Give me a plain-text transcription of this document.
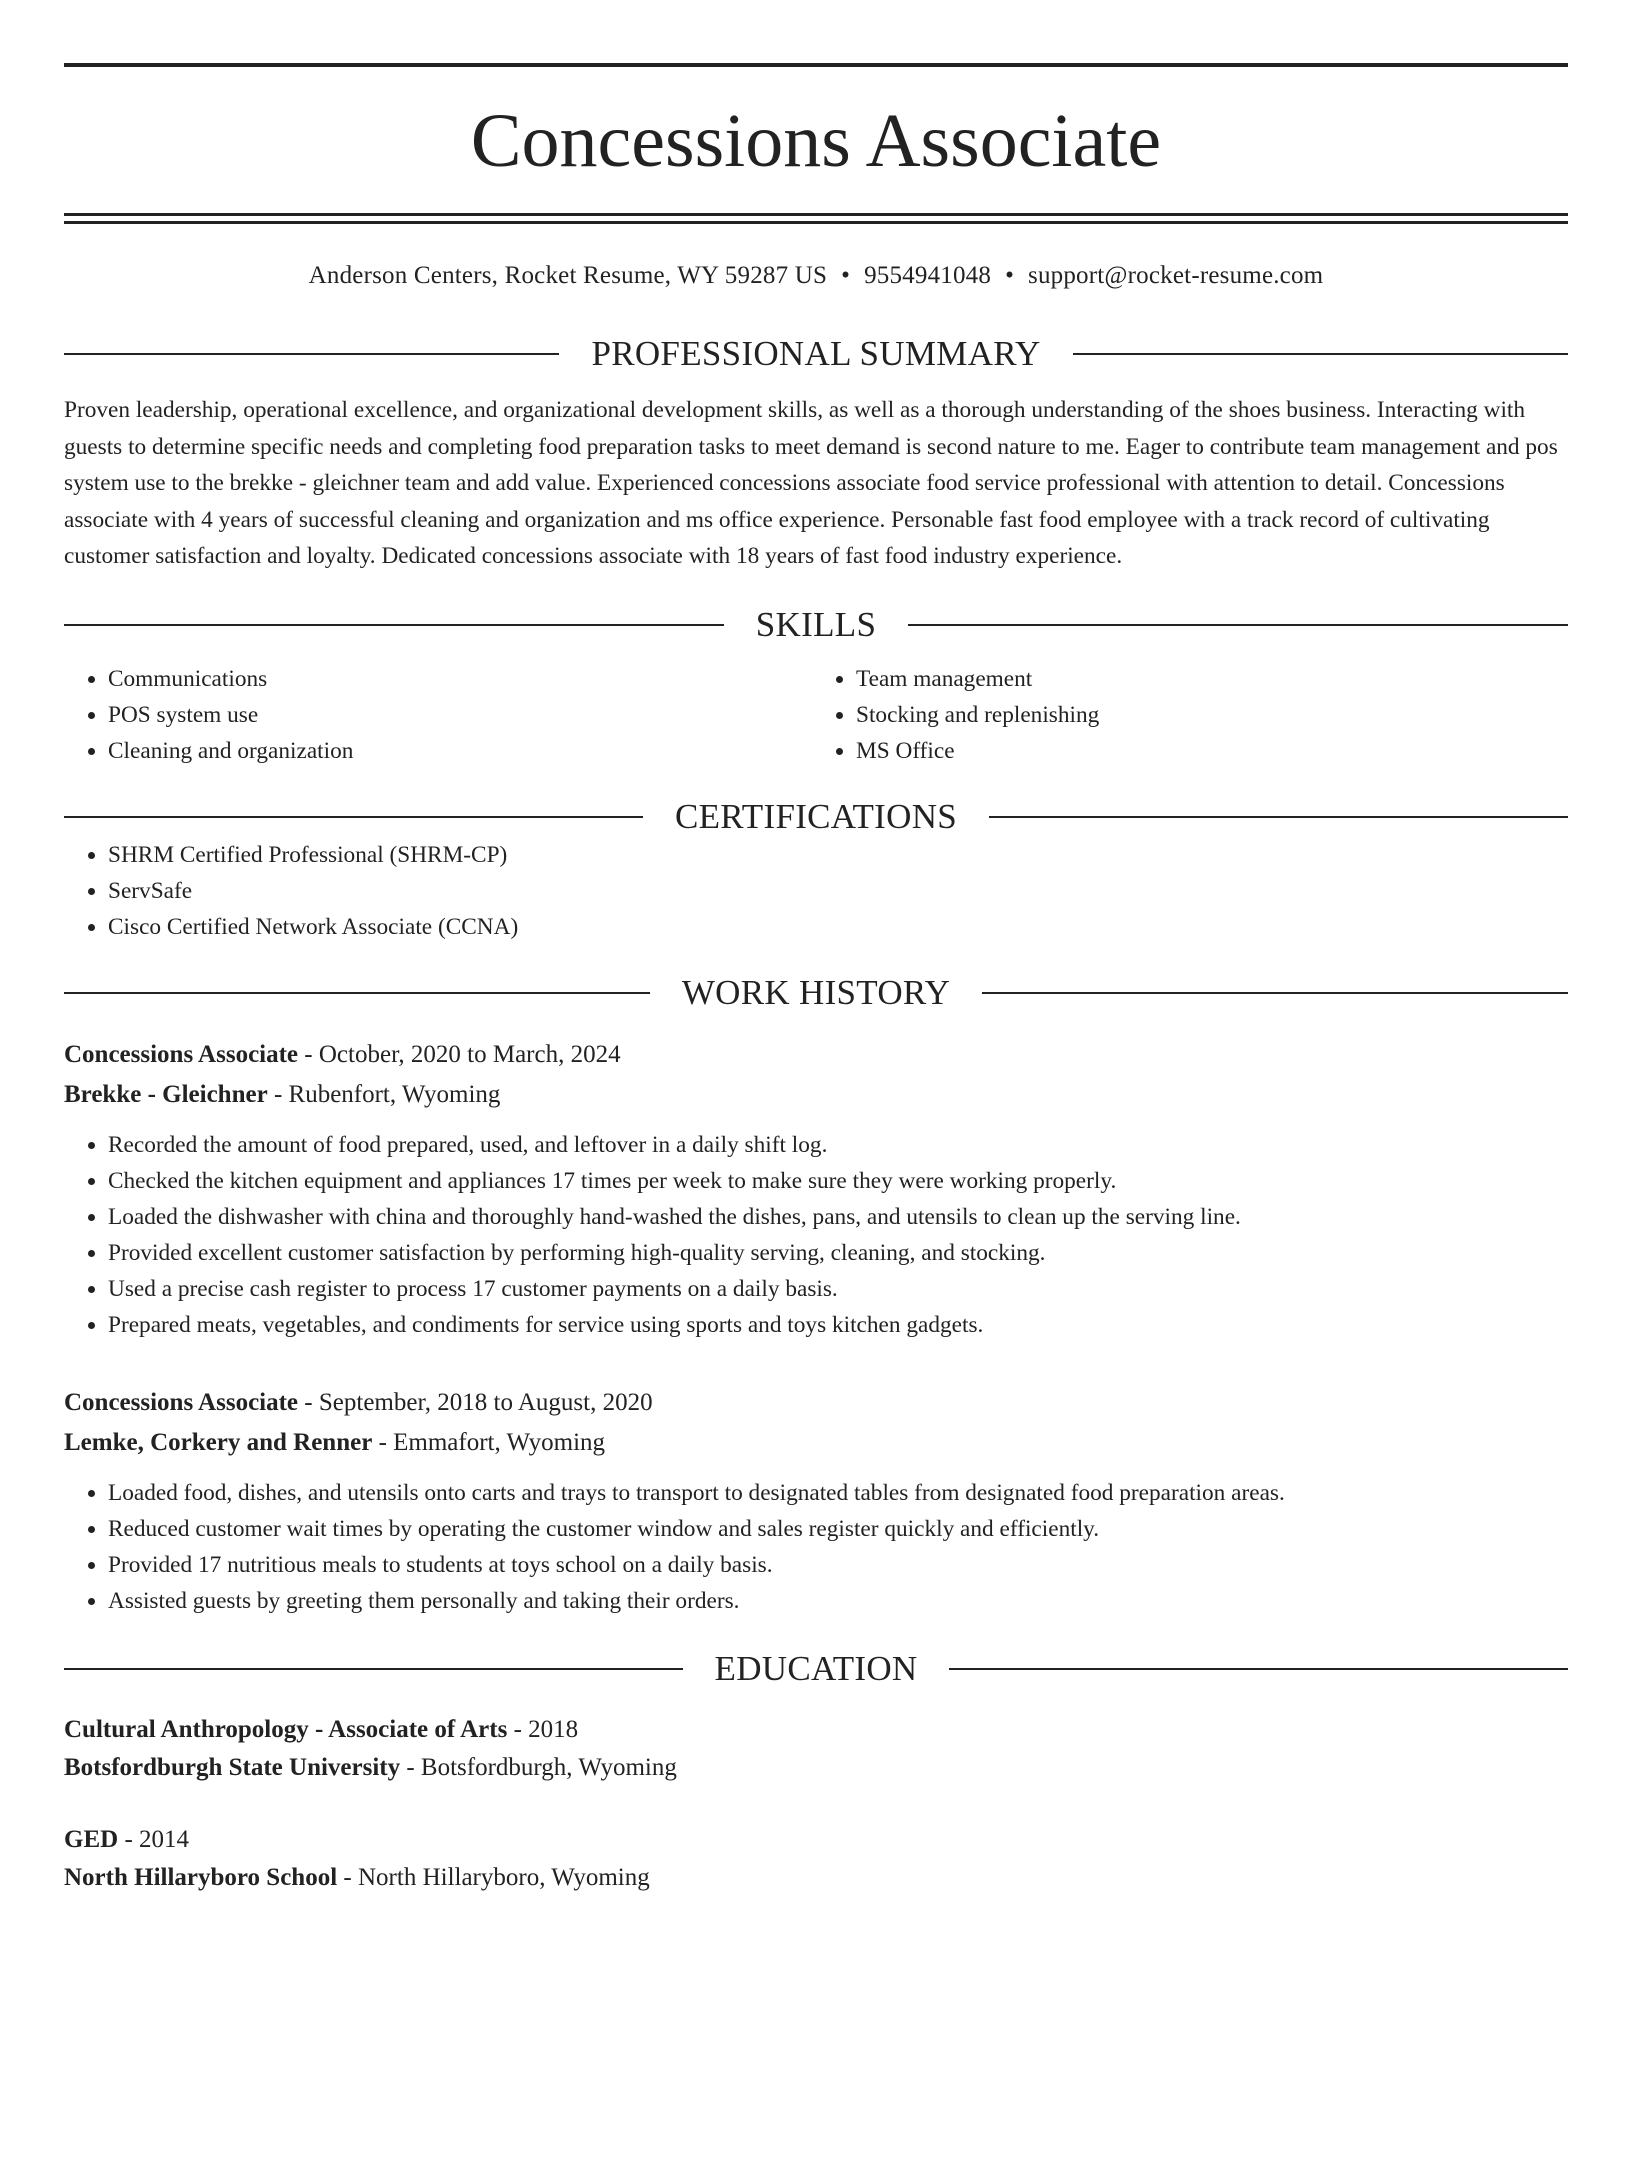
Concessions Associate
Anderson Centers, Rocket Resume, WY 59287 US • 9554941048 • support@rocket-resume.com
PROFESSIONAL SUMMARY
Proven leadership, operational excellence, and organizational development skills, as well as a thorough understanding of the shoes business. Interacting with guests to determine specific needs and completing food preparation tasks to meet demand is second nature to me. Eager to contribute team management and pos system use to the brekke - gleichner team and add value. Experienced concessions associate food service professional with attention to detail. Concessions associate with 4 years of successful cleaning and organization and ms office experience. Personable fast food employee with a track record of cultivating customer satisfaction and loyalty. Dedicated concessions associate with 18 years of fast food industry experience.
SKILLS
• Communications
• POS system use
• Cleaning and organization
• Team management
• Stocking and replenishing
• MS Office
CERTIFICATIONS
• SHRM Certified Professional (SHRM-CP)
• ServSafe
• Cisco Certified Network Associate (CCNA)
WORK HISTORY
Concessions Associate - October, 2020 to March, 2024
Brekke - Gleichner - Rubenfort, Wyoming
• Recorded the amount of food prepared, used, and leftover in a daily shift log.
• Checked the kitchen equipment and appliances 17 times per week to make sure they were working properly.
• Loaded the dishwasher with china and thoroughly hand-washed the dishes, pans, and utensils to clean up the serving line.
• Provided excellent customer satisfaction by performing high-quality serving, cleaning, and stocking.
• Used a precise cash register to process 17 customer payments on a daily basis.
• Prepared meats, vegetables, and condiments for service using sports and toys kitchen gadgets.
Concessions Associate - September, 2018 to August, 2020
Lemke, Corkery and Renner - Emmafort, Wyoming
• Loaded food, dishes, and utensils onto carts and trays to transport to designated tables from designated food preparation areas.
• Reduced customer wait times by operating the customer window and sales register quickly and efficiently.
• Provided 17 nutritious meals to students at toys school on a daily basis.
• Assisted guests by greeting them personally and taking their orders.
EDUCATION
Cultural Anthropology - Associate of Arts - 2018
Botsfordburgh State University - Botsfordburgh, Wyoming
GED - 2014
North Hillaryboro School - North Hillaryboro, Wyoming
